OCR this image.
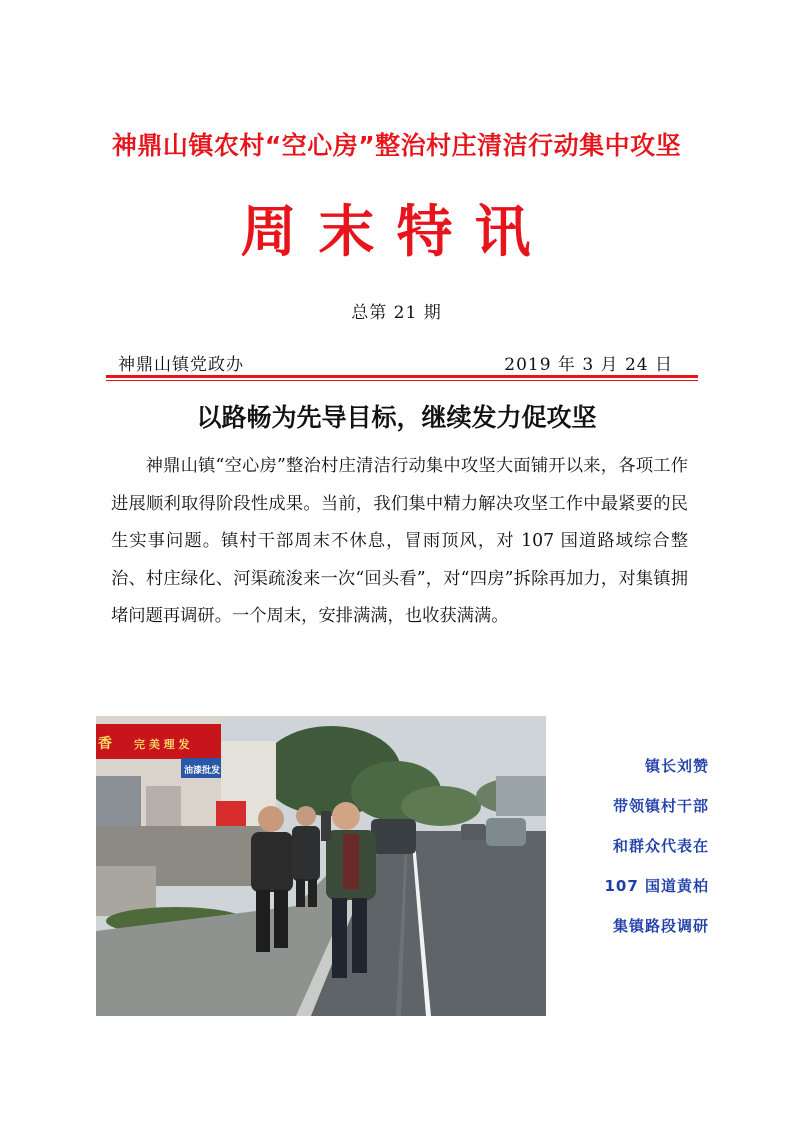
神鼎山镇农村“空心房”整治村庄清洁行动集中攻坚
周末特讯
总第 21 期
神鼎山镇党政办	2019 年 3 月 24 日
以路畅为先导目标，继续发力促攻坚

神鼎山镇“空心房”整治村庄清洁行动集中攻坚大面铺开以来，各项工作进展顺利取得阶段性成果。当前，我们集中精力解决攻坚工作中最紧要的民生实事问题。镇村干部周末不休息，冒雨顶风，对 107 国道路域综合整治、村庄绿化、河渠疏浚来一次“回头看”，对“四房”拆除再加力，对集镇拥堵问题再调研。一个周末，安排满满，也收获满满。

香 完 美 理 发
油漆批发	镇长刘赞
带领镇村干部
和群众代表在
107 国道黄柏
集镇路段调研
